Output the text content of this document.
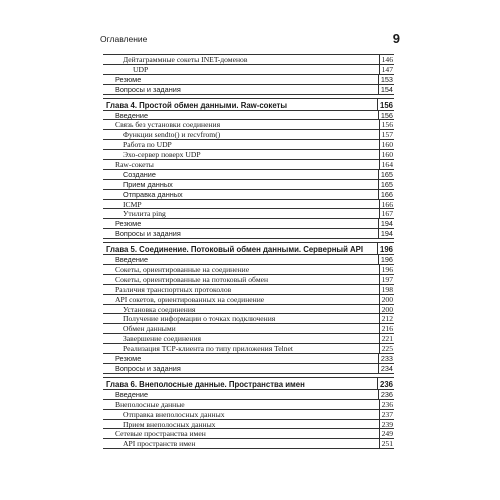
Оглавление	9
Дейтаграммные сокеты INET-доменов	146
UDP	147
Резюме	153
Вопросы и задания	154
Глава 4. Простой обмен данными. Raw-сокеты	156
Введение	156
Связь без установки соединения	156
Функции sendto() и recvfrom()	157
Работа по UDP	160
Эхо-сервер поверх UDP	160
Raw-сокеты	164
Создание	165
Прием данных	165
Отправка данных	166
ICMP	166
Утилита ping	167
Резюме	194
Вопросы и задания	194
Глава 5. Соединение. Потоковый обмен данными. Серверный API 196
Введение	196
Сокеты, ориентированные на соединение	196
Сокеты, ориентированные на потоковый обмен	197
Различия транспортных протоколов	198
API сокетов, ориентированных на соединение	200
Установка соединения	200
Получение информации о точках подключения	212
Обмен данными	216
Завершение соединения	221
Реализация TCP-клиента по типу приложения Telnet	225
Резюме	233
Вопросы и задания	234
Глава 6. Внеполосные данные. Пространства имен	236
Введение	236
Внеполосные данные	236
Отправка внеполосных данных	237
Прием внеполосных данных	239
Сетевые пространства имен	249
API пространств имен	251
